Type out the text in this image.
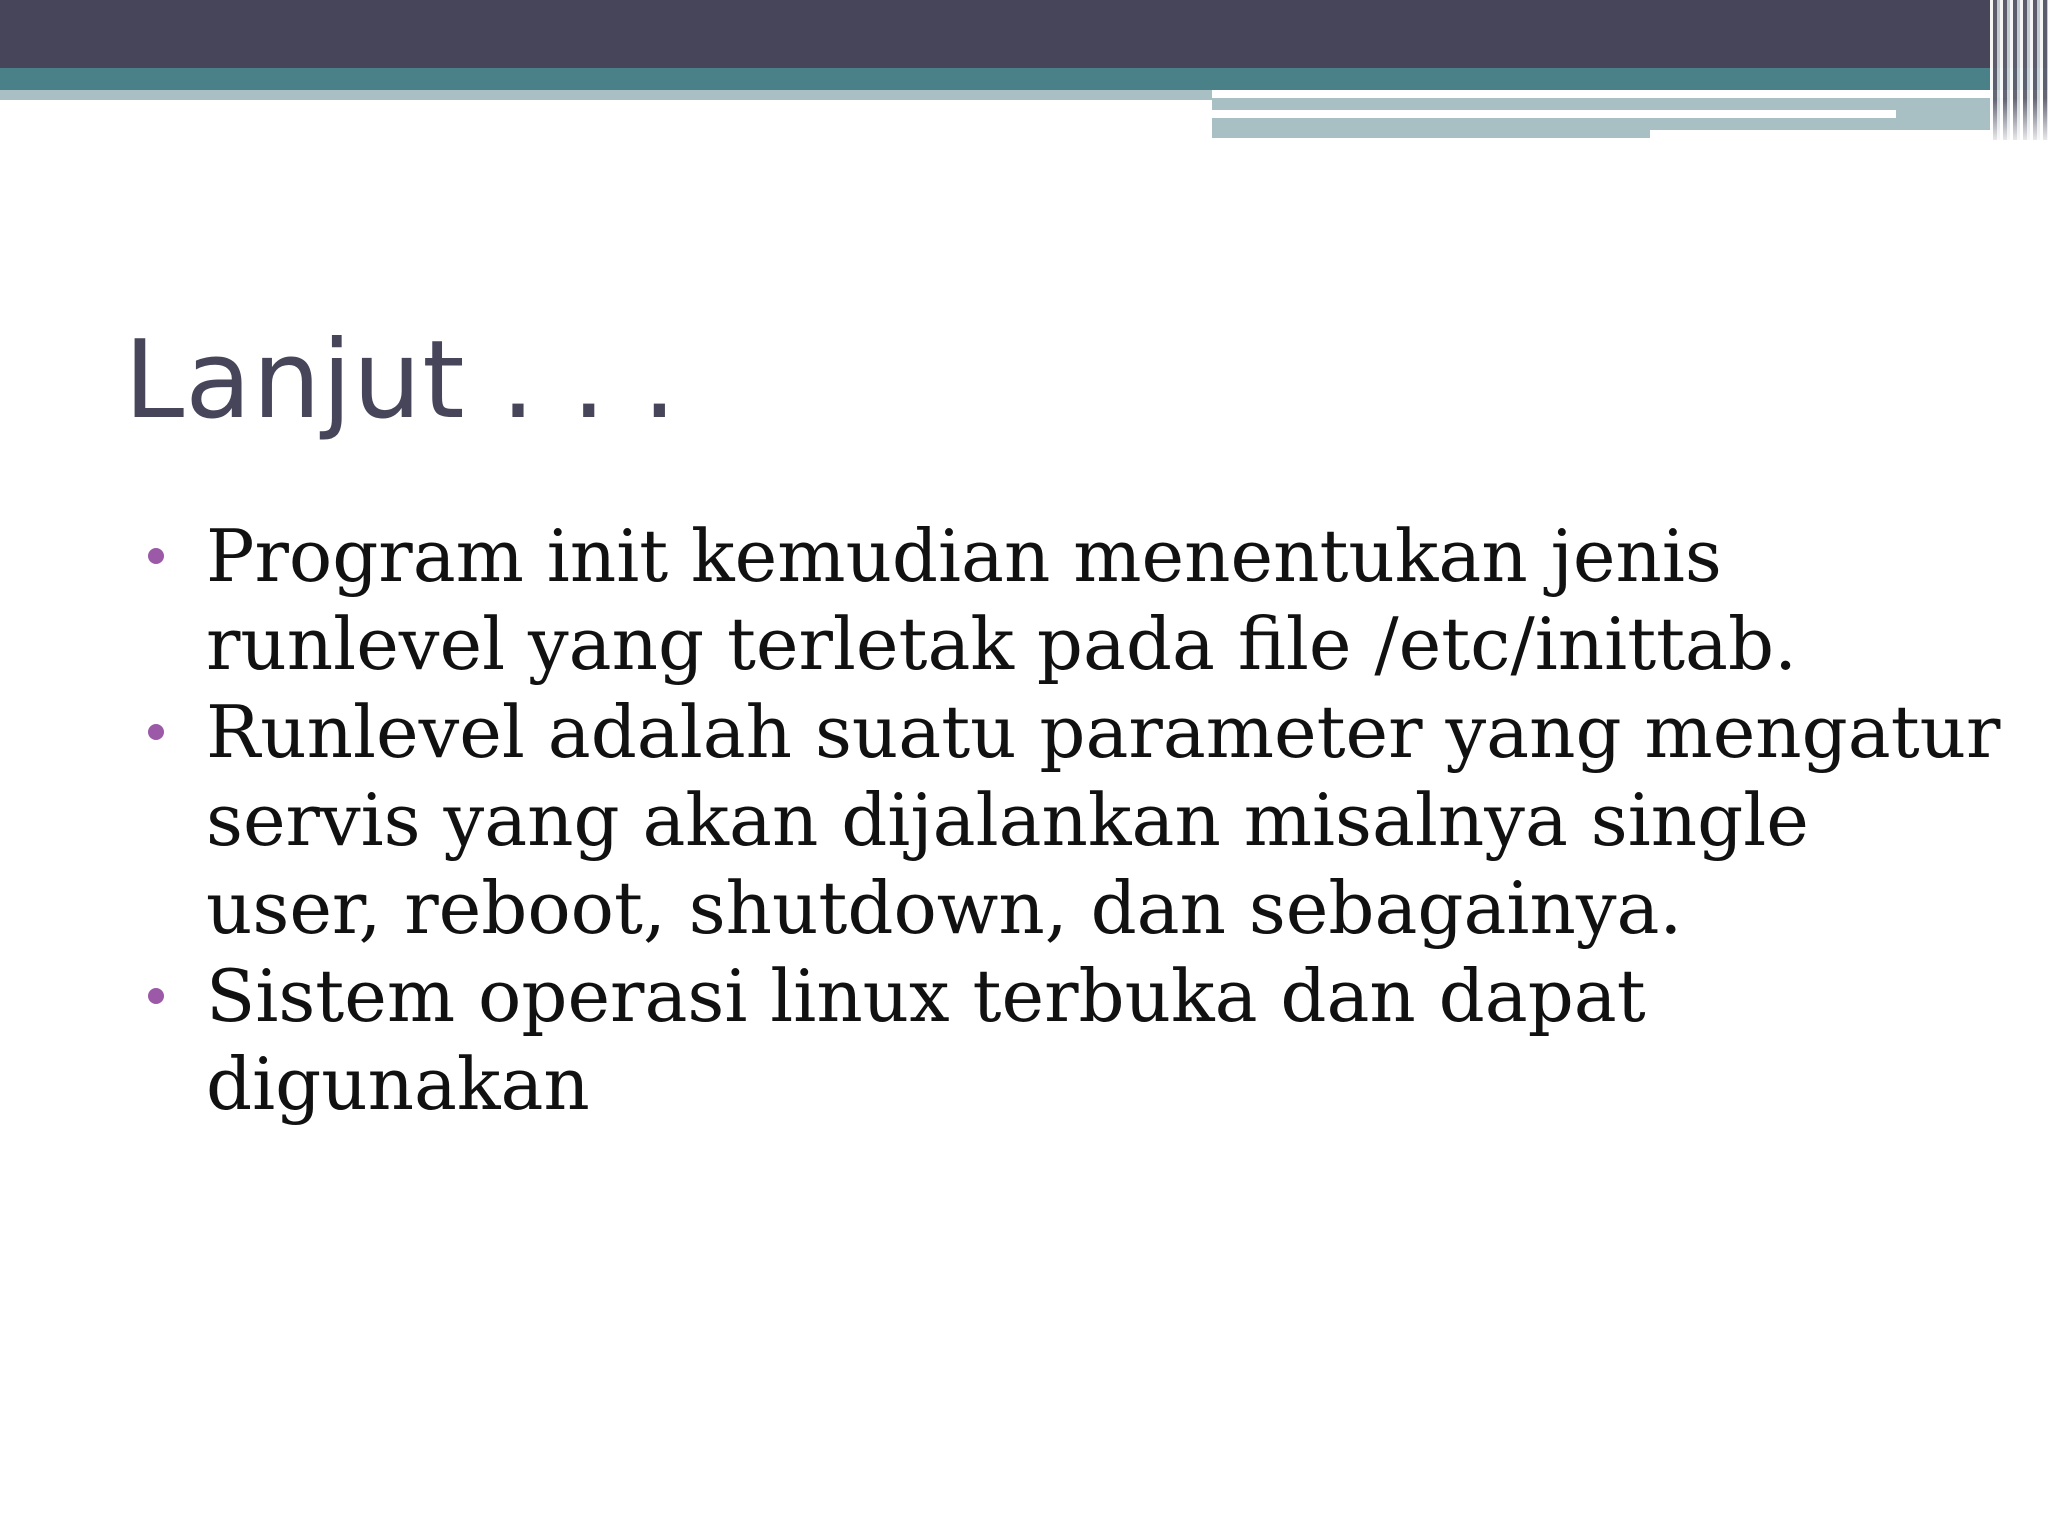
Lanjut . . .
Program init kemudian menentukan jenis
runlevel yang terletak pada file /etc/inittab.
Runlevel adalah suatu parameter yang mengatur
servis yang akan dijalankan misalnya single
user, reboot, shutdown, dan sebagainya.
Sistem operasi linux terbuka dan dapat
digunakan
